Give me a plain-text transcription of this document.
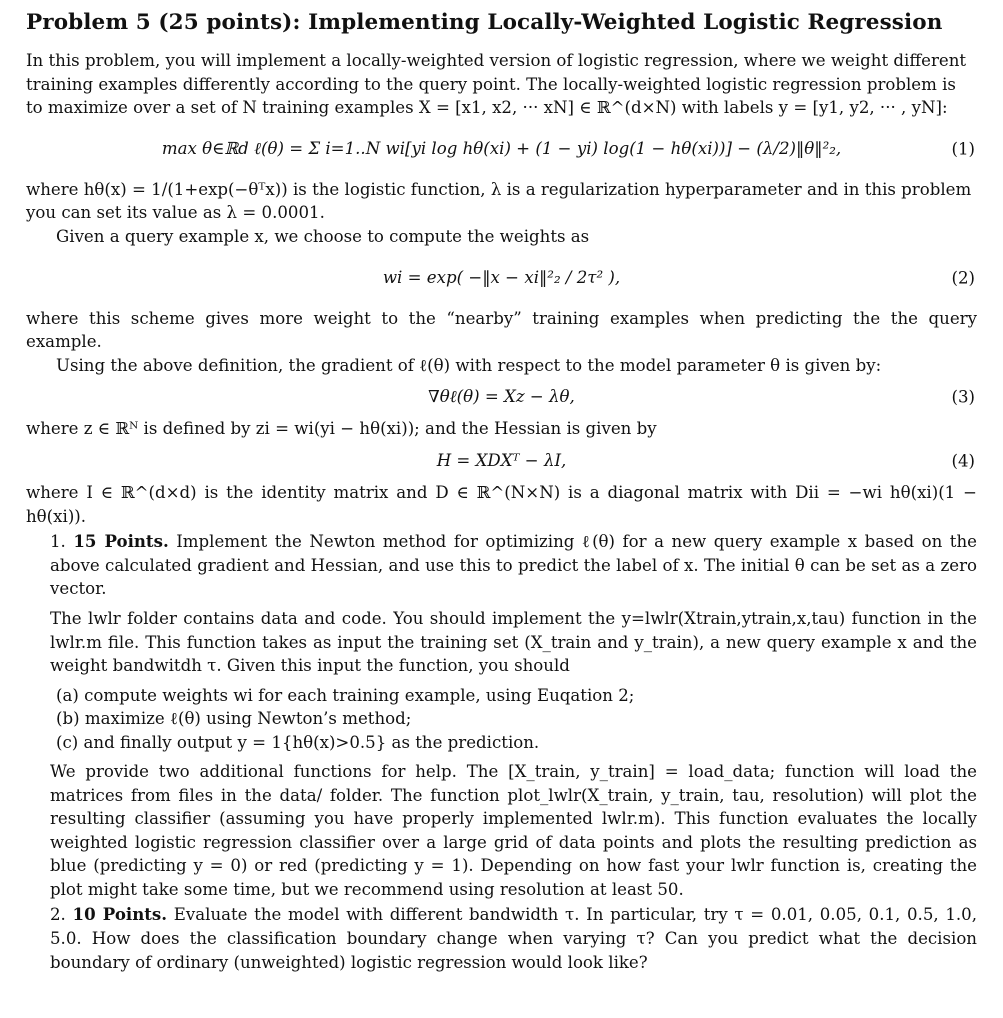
Problem 5 (25 points): Implementing Locally-Weighted Logistic Regression
In this problem, you will implement a locally-weighted version of logistic regression, where we weight different
training examples differently according to the query point. The locally-weighted logistic regression problem is
to maximize over a set of N training examples X = [x1, x2, ··· xN] ∈ ℝ^(d×N) with labels y = [y1, y2, ··· , yN]:
max θ∈ℝd ℓ(θ) = Σ i=1..N wi[yi log hθ(xi) + (1 − yi) log(1 − hθ(xi))] − (λ/2)‖θ‖²₂,	(1)
where hθ(x) = 1/(1+exp(−θᵀx)) is the logistic function, λ is a regularization hyperparameter and in this problem
you can set its value as λ = 0.0001.
Given a query example x, we choose to compute the weights as
wi = exp( −‖x − xi‖²₂ / 2τ² ),	(2)
where this scheme gives more weight to the “nearby” training examples when predicting the the query example.
Using the above definition, the gradient of ℓ(θ) with respect to the model parameter θ is given by:
∇θℓ(θ) = Xz − λθ,	(3)
where z ∈ ℝᴺ is defined by zi = wi(yi − hθ(xi)); and the Hessian is given by
H = XDXᵀ − λI,	(4)
where I ∈ ℝ^(d×d) is the identity matrix and D ∈ ℝ^(N×N) is a diagonal matrix with Dii = −wi hθ(xi)(1 − hθ(xi)).
1. 15 Points. Implement the Newton method for optimizing ℓ(θ) for a new query example x based on the above calculated gradient and Hessian, and use this to predict the label of x. The initial θ can be set as a zero vector.

The lwlr folder contains data and code. You should implement the y=lwlr(Xtrain,ytrain,x,tau) function in the lwlr.m file. This function takes as input the training set (X_train and y_train), a new query example x and the weight bandwitdh τ. Given this input the function, you should

(a) compute weights wi for each training example, using Euqation 2;
(b) maximize ℓ(θ) using Newton’s method;
(c) and finally output y = 1{hθ(x)>0.5} as the prediction.

We provide two additional functions for help. The [X_train, y_train] = load_data; function will load the matrices from files in the data/ folder. The function plot_lwlr(X_train, y_train, tau, resolution) will plot the resulting classifier (assuming you have properly implemented lwlr.m). This function evaluates the locally weighted logistic regression classifier over a large grid of data points and plots the resulting prediction as blue (predicting y = 0) or red (predicting y = 1). Depending on how fast your lwlr function is, creating the plot might take some time, but we recommend using resolution at least 50.

2. 10 Points. Evaluate the model with different bandwidth τ. In particular, try τ = 0.01, 0.05, 0.1, 0.5, 1.0, 5.0. How does the classification boundary change when varying τ? Can you predict what the decision boundary of ordinary (unweighted) logistic regression would look like?
